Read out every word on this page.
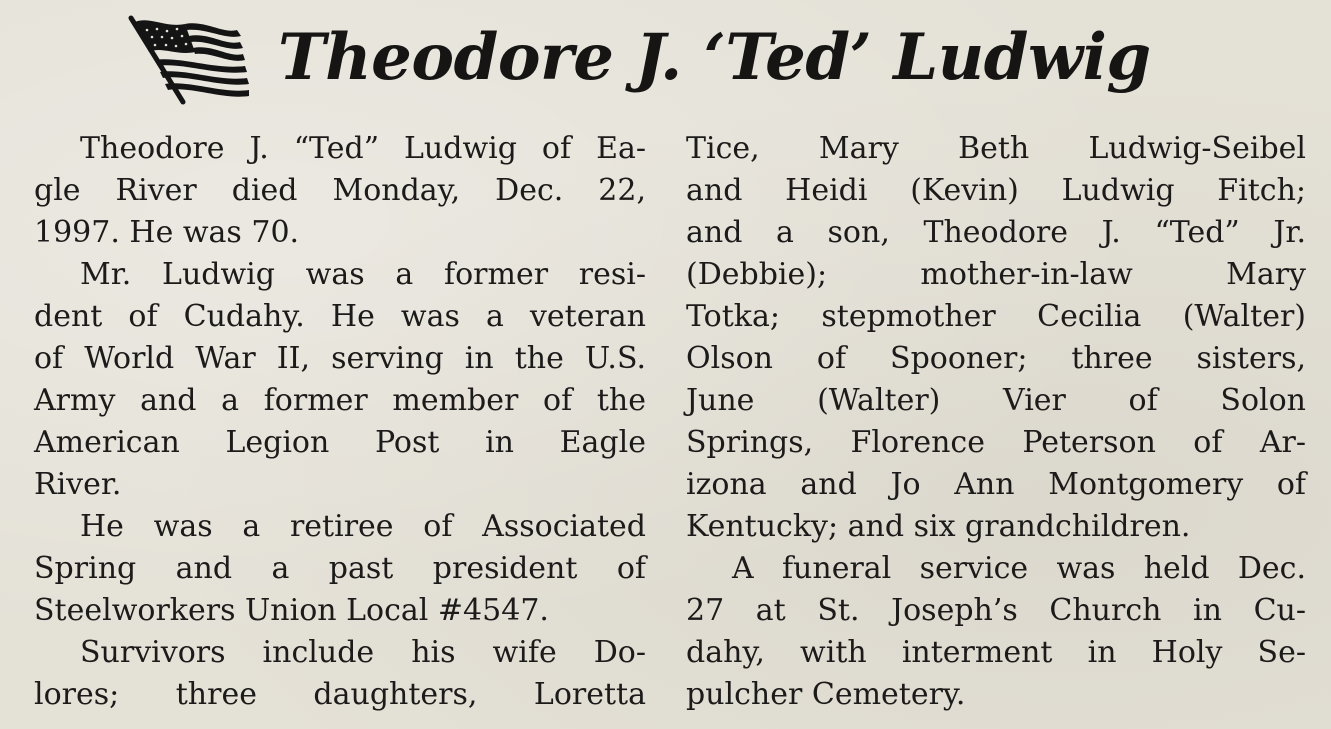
Theodore J. ‘Ted’ Ludwig
Theodore J. “Ted” Ludwig of Ea-
gle River died Monday, Dec. 22,
1997. He was 70.
Mr. Ludwig was a former resi-
dent of Cudahy. He was a veteran
of World War II, serving in the U.S.
Army and a former member of the
American Legion Post in Eagle
River.
He was a retiree of Associated
Spring and a past president of
Steelworkers Union Local #4547.
Survivors include his wife Do-
lores; three daughters, Loretta
Tice, Mary Beth Ludwig-Seibel
and Heidi (Kevin) Ludwig Fitch;
and a son, Theodore J. “Ted” Jr.
(Debbie); mother-in-law Mary
Totka; stepmother Cecilia (Walter)
Olson of Spooner; three sisters,
June (Walter) Vier of Solon
Springs, Florence Peterson of Ar-
izona and Jo Ann Montgomery of
Kentucky; and six grandchildren.
A funeral service was held Dec.
27 at St. Joseph’s Church in Cu-
dahy, with interment in Holy Se-
pulcher Cemetery.
